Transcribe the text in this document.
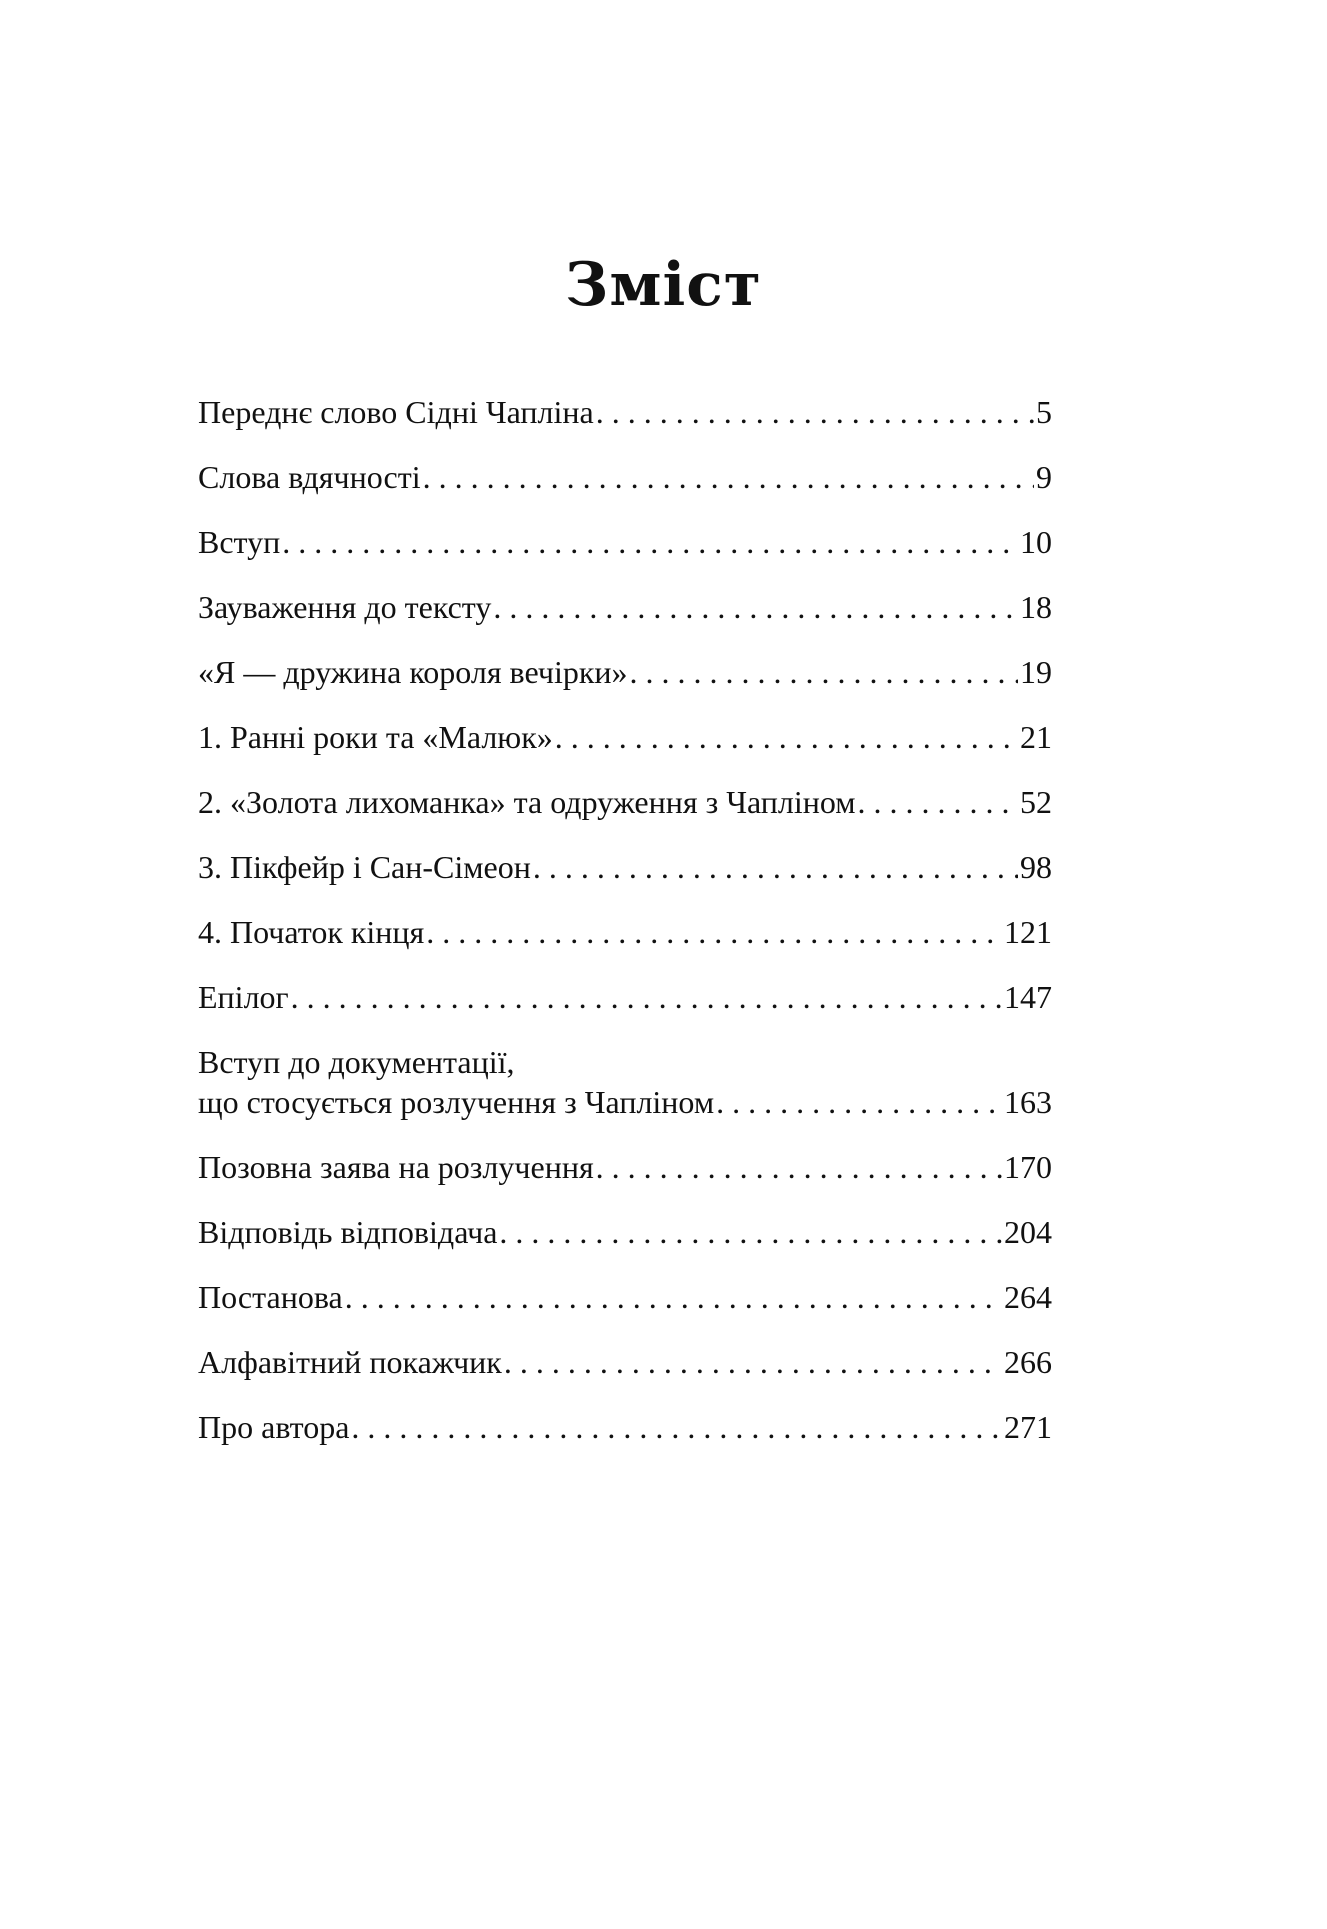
Зміст
Переднє слово Сідні Чапліна . . .	5
Слова вдячності . . .	9
Вступ . . .	10
Зауваження до тексту . . .	18
«Я — дружина короля вечірки» . . .	19
1. Ранні роки та «Малюк» . . .	21
2. «Золота лихоманка» та одруження з Чапліном . . .	52
3. Пікфейр і Сан-Сімеон . . .	98
4. Початок кінця . . .	121
Епілог . . .	147
Вступ до документації,
що стосується розлучення з Чапліном . . .	163
Позовна заява на розлучення . . .	170
Відповідь відповідача . . .	204
Постанова . . .	264
Алфавітний покажчик . . .	266
Про автора . . .	271
